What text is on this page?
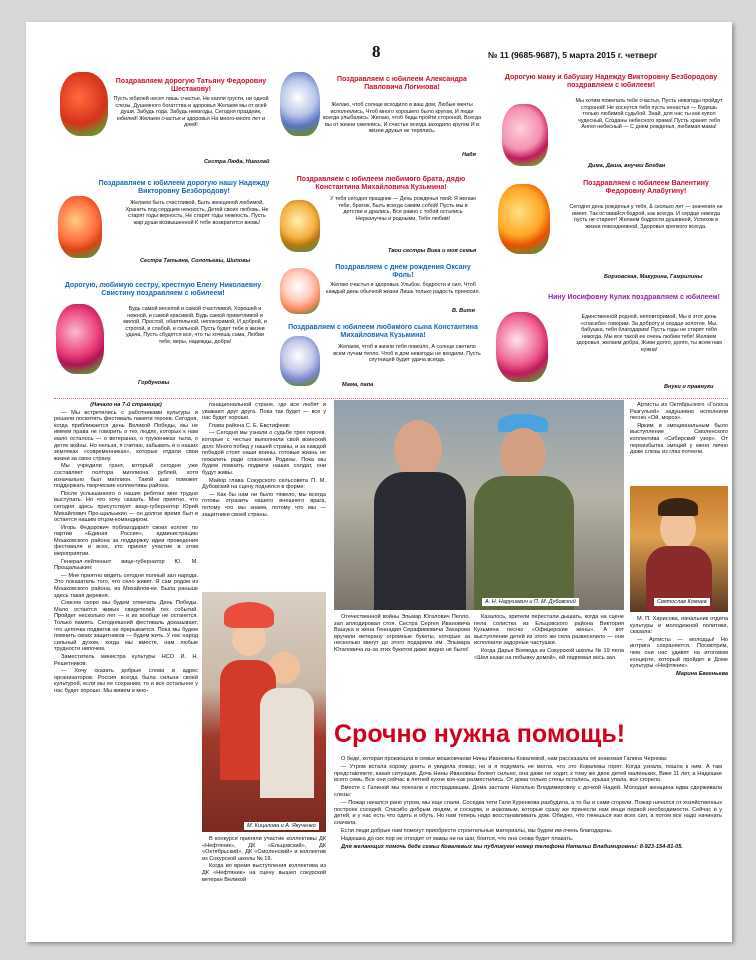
8	№ 11 (9685-9687), 5 марта 2015 г. четверг
Поздравляем дорогую Татьяну Федоровну Шестакову!

Пусть юбилей несет лишь счастье, Не капли грусти, ни одной слезы, Душевного богатства и здоровья Желаем мы от всей души. Забудь года. Забудь невзгоды, Сегодня праздник, юбилей! Желаем счастья и здоровья На много-много лет и дней!

Сестра Люда, Николай

Поздравляем с юбилеем Александра Павловича Логинова!

Желаю, чтоб солнце всходило в ваш дом, Любые мечты исполнялись, Чтоб много хорошего было кругом, И люди всегда улыбались. Желаю, чтоб беды пройти стороной, Всегда вы от жизни смеялись, И счастье всегда заходило кругом И в жизни друзья не терялись.

Надя

Дорогую маму и бабушку Надежду Викторовну Безбородову поздравляем с юбилеем!

Мы хотим пожелать тебе счастья, Пусть невзгоды пройдут стороной! Не коснутся тебя пусть ненастья — Будешь только любимой судьбой. Знай, для нас ты как купол чудесный, Созданы небесного храма! Пусть хранит тебя Ангел небесный — С днем рожденья, любимая мама!

Дима, Даша, внучки Богдан

Поздравляем с юбилеем любимого брата, дядю Константина Михайловича Кузьмина!

У тебя сегодня праздник — День рожденья твой. Я желаю тебе, братик, Быть всегда самим собой! Пусть мы в детстве и дрались, Все равно с тобой остались Неразлучны и родными, Тебя любим!

Твои сестры Вика и моя семья

Поздравляем с юбилеем дорогую нашу Надежду Викторовну Безбородову!

Желаем быть счастливой, Быть женщиной любимой, Хранить под сердцем нежность, Детей своих любовь. Не старят годы верность, Не старят годы нежность. Пусть жар души возвышенной К тебе возвратится вновь!

Сестра Татьяна, Солопьевы, Шиповы

Поздравляем с юбилеем Валентину Федоровну Алабугину!

Сегодня день рожденья у тебя, & сколько лет — значения не имеет. Так оставайся бодрой, как всегда. И сердце никогда пусть не стареет! Желаем бодрости душевной, Успехов в жизни повседневной, Здоровья крепкого всегда.

Борзовская, Макурина, Гамрилины

Поздравляем с днем рождения Оксану Фоль!

Желаю счастья и здоровья, Улыбок, бодрости и сил, Чтоб каждый день обычной жизни Лишь только радость приносил.

В. Витя

Дорогую, любимую сестру, крестную Елену Николаевну Свистину поздравляем с юбилеем!

Будь самой веселой и самой счастливой, Хорошей и нежной, и самой красивой, Будь самой приветливой и милой, Простой, обаятельной, непокоримой, И доброй, и строгой, и слабой, и сильной. Пусть будет тебе в жизни удача, Пусть сбудется все, что ты хочешь сама, Любви тебе, веры, надежды, добра!

Горбуновы

Поздравляем с юбилеем любимого сына Константина Михайловича Кузьмина!

Желаем, чтоб в жизни тебя повезло, А солнце светило всем лучам тепло. Чтоб в дом невзгоды не входили, Пусть спутницей будет удача всегда.

Мама, папа

Нину Иосифовну Кулик поздравляем с юбилеем!

Единственной родной, неповторимой, Мы в этот день «спасибо» говорим. За доброту и сердце золотое, Мы, бабушка, тебя благодарим! Пусть годы не старят тебя никогда, Мы все такой ее очень любим тебя! Желаем здоровья, желаем добра, Живи долго, долго, ты всем нам нужна!

Внуки и правнуки

(Начало на 7-й странице)

— Мы встретились с работниками культуры и решили посвятить фестиваль памяти героев. Сегодня, когда приближается день Великой Победы, мы не имеем права не говорить о тех людях, которых к нам мало осталось — о ветеранах, о тружениках тыла, о детях войны. Но нельзя, я считаю, забывать и о наших земляках «современниках», которые отдали свои жизни за свою страну.

Мы учредили грант, который сегодня уже составляет полтора миллиона рублей, хотя изначально был миллион. Такой шаг поможет поддержать творческие коллективы района.

После услышанного о наших ребятах мне трудно выступать. Но что хочу сказать. Мне приятно, что сегодня здесь присутствует вице-губернатор Юрий Михайлович Про-щальыкин — он долгое время был и остается нашим отцом-командиром.

Игорь Федорович поблагодарил своих коллег по партии «Единая Россия», администрацию Мошковского района за поддержку идеи проведения фестиваля и всех, кто принял участие в этом мероприятии.

Генерал-лейтенант вице-губернатор Ю. М. Прощальыкин:

— Мне приятно видеть сегодня полный зал народа. Это показатель того, что село живет. Я сам родом из Мошковского района, из Михайлов-ки. Была раньше здесь такая деревня.

Совсем скоро мы будем отмечать День Победы. Мало остается живых свидетелей тех событий. Пройдет несколько лет — и их вообще не останется. Только память. Сегодняшний фестиваль доказывает, что цепочка подвигов не прерывается. Пока мы будем помнить своих защитников — будем жить. У нас народ сильный духом, когда мы вместе, нам любые трудности нипочем.

Заместитель министра культуры НСО И. Н. Решетников:

— Хочу сказать добрые слова в адрес организаторов. Россия всегда была сильна своей культурой, если мы ее сохраним, то и все остальное у нас будет хорошо. Мы живем в мно-

гонациональной стране, где все любят и уважают друг друга. Пока так будет — все у нас будет хорошо.

Глава района С. Е. Евстифеев:

— Сегодня мы узнали о судьбе трех героев, которые с честью выполнили свой воинский долг. Много побед у нашей страны, и за каждой победой стоят наши воины, готовые жизнь не пожалеть ради спасения Родины. Пока мы будем помнить подвиги наших солдат, они будут живы.

Майор глава Сокурского сельсовета П. М. Дубовский на сцену поднялся в форме:

— Как бы нам ни было тяжело, мы всегда готовы отразить нашего внешнего врага, потому что мы знаем, потому что мы — защитники своей страны.

М. Кицалова и А. Якученко

В конкурсе приняли участие коллективы ДК «Нефтяник», ДК «Ельцовский», ДК «Октябрьский», ДК «Смоленский» и коллектив из Сокурской школы № 19.

Когда во время выступления коллектива из ДК «Нефтяник» на сцену вышел сокурский ветеран Великой

А. Н. Нарушевич и П. М. Дубовский

Отечественной войны Эльмар Югалович Пелло, зал аплодировал стоя. Сестра Сергея Ивановича Вашука и жена Геннадия Серафимовича Захарова вручили ветерану огромные букеты, которые за несколько минут до этого подарили им. Эльмара Югаловича из-за этих букетов даже видно не было!

Казалось, зрители перестали дышать, когда на сцене пела солистка из Ельцовского района Виктория Кузьмина песню «Офицерские жены». А вот выступление детей из этого же села развеселило — они исполнили задорные частушки.

Когда Дарья Воевода из Сокурской школы № 19 пела «Шел казак на побывку домой», ей подпевал весь зал.

Артисты из Октябрьского «Голоса Разгульей» задушевно исполнили песню «Ой, мороз».

Ярким и эмоциональным было выступление Смоленского коллектива «Сибирский узор». От переизбытка эмоций у меня лично даже слезы из глаз потекли.

Святослав Комнев

М. П. Харисова, начальник отдела культуры и молодежной политики, сказала:

— Артисты — молодцы! Но интрига сохраняется. Посмотрим, чем они нас удивят на итоговом концерте, который пройдет в Доме культуры «Нефтяник».

Марина Евгеньева

Срочно нужна помощь!

О беде, которая произошла в семье мошковчанки Нины Ивановны Ковалевой, нам рассказала её знакомая Галина Чернова:

— Утром встала корову доить и увидела пожар, но и я подумать не могла, что это Ковалевы горят. Когда узнала, пошла к ним. А там представляете, какая ситуация. Дочь Нины Ивановны болеет сильно, она даже не ходит, к тому же двое детей маленьких, Вике 11 лет, а Надюшке всего семь. Все они сейчас в летней кухне кое-как разместились. От дома только стены остались, крыша упала, все сгорело.

Вместе с Галиной мы поехали к пострадавшим. Дома застали Наталью Владимировну с дочкой Надей. Молодая женщина едва сдерживала слезы:

— Пожар начался рано утром, мы еще спали. Соседка тети Галя Куренкова разбудила, а то бы и сами сгорели. Пожар начался от хозяйственных построек соседей. Спасибо добрым людям, и соседям, и знакомым, которые сразу же принесли нам вещи первой необходимости. Сейчас и у детей, и у нас есть что одеть и обуть. Но нам теперь надо восстанавливать дом. Обидно, что тянешься изо всех сил, а потом все надо начинать сначала.

Если люди добрые нам помогут приобрести строительные материалы, мы будем им очень благодарны.

Надюшка до сих пор не отходит от мамы ни на шаг, боится, что она снова будет плакать.

Для желающих помочь беде семьи Ковалевых мы публикуем номер телефона Натальи Владимировны: 8-923-154-81-05.
